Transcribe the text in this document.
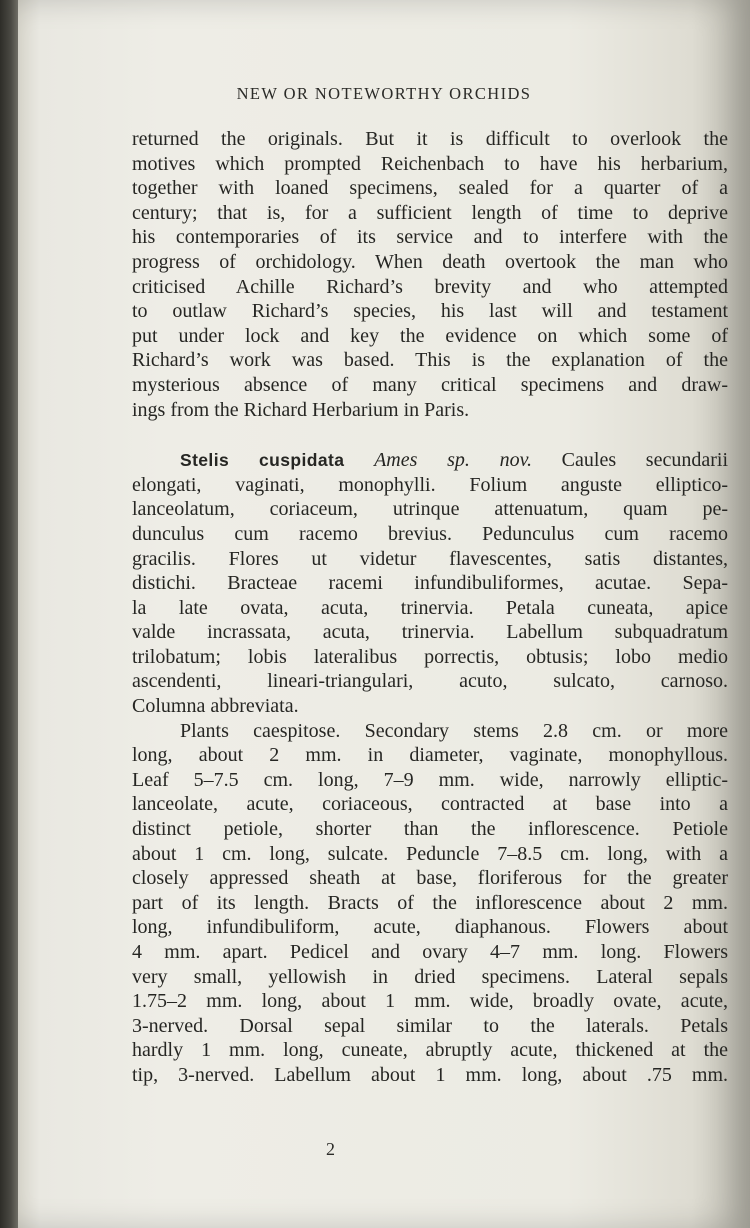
NEW OR NOTEWORTHY ORCHIDS
returned the originals. But it is difficult to overlook the
motives which prompted Reichenbach to have his herbarium,
together with loaned specimens, sealed for a quarter of a
century; that is, for a sufficient length of time to deprive
his contemporaries of its service and to interfere with the
progress of orchidology. When death overtook the man who
criticised Achille Richard’s brevity and who attempted
to outlaw Richard’s species, his last will and testament
put under lock and key the evidence on which some of
Richard’s work was based. This is the explanation of the
mysterious absence of many critical specimens and draw-
ings from the Richard Herbarium in Paris.
Stelis cuspidata Ames sp. nov. Caules secundarii
elongati, vaginati, monophylli. Folium anguste elliptico-
lanceolatum, coriaceum, utrinque attenuatum, quam pe-
dunculus cum racemo brevius. Pedunculus cum racemo
gracilis. Flores ut videtur flavescentes, satis distantes,
distichi. Bracteae racemi infundibuliformes, acutae. Sepa-
la late ovata, acuta, trinervia. Petala cuneata, apice
valde incrassata, acuta, trinervia. Labellum subquadratum
trilobatum; lobis lateralibus porrectis, obtusis; lobo medio
ascendenti, lineari-triangulari, acuto, sulcato, carnoso.
Columna abbreviata.
Plants caespitose. Secondary stems 2.8 cm. or more
long, about 2 mm. in diameter, vaginate, monophyllous.
Leaf 5–7.5 cm. long, 7–9 mm. wide, narrowly elliptic-
lanceolate, acute, coriaceous, contracted at base into a
distinct petiole, shorter than the inflorescence. Petiole
about 1 cm. long, sulcate. Peduncle 7–8.5 cm. long, with a
closely appressed sheath at base, floriferous for the greater
part of its length. Bracts of the inflorescence about 2 mm.
long, infundibuliform, acute, diaphanous. Flowers about
4 mm. apart. Pedicel and ovary 4–7 mm. long. Flowers
very small, yellowish in dried specimens. Lateral sepals
1.75–2 mm. long, about 1 mm. wide, broadly ovate, acute,
3-nerved. Dorsal sepal similar to the laterals. Petals
hardly 1 mm. long, cuneate, abruptly acute, thickened at the
tip, 3-nerved. Labellum about 1 mm. long, about .75 mm.
2
